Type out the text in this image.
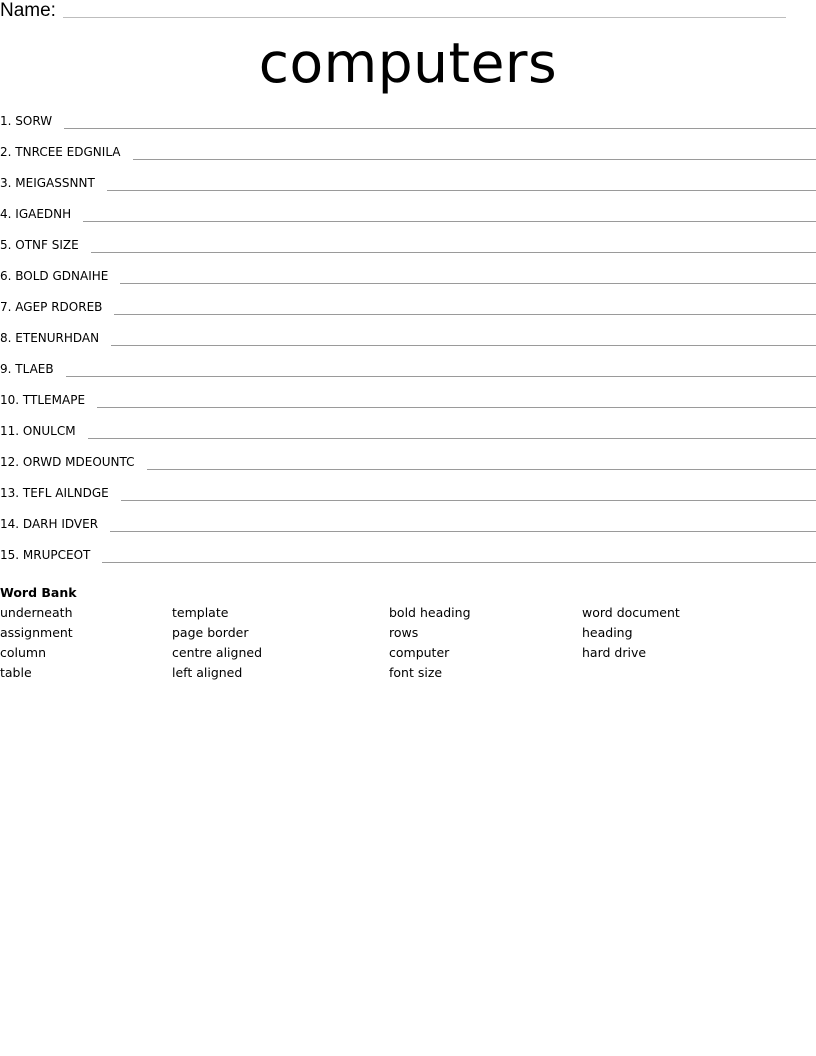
Name:
computers
1. SORW
2. TNRCEE EDGNILA
3. MEIGASSNNT
4. IGAEDNH
5. OTNF SIZE
6. BOLD GDNAIHE
7. AGEP RDOREB
8. ETENURHDAN
9. TLAEB
10. TTLEMAPE
11. ONULCM
12. ORWD MDEOUNTC
13. TEFL AILNDGE
14. DARH IDVER
15. MRUPCEOT
Word Bank
underneath	template	bold heading	word document
assignment	page border	rows	heading
column	centre aligned	computer	hard drive
table	left aligned	font size
